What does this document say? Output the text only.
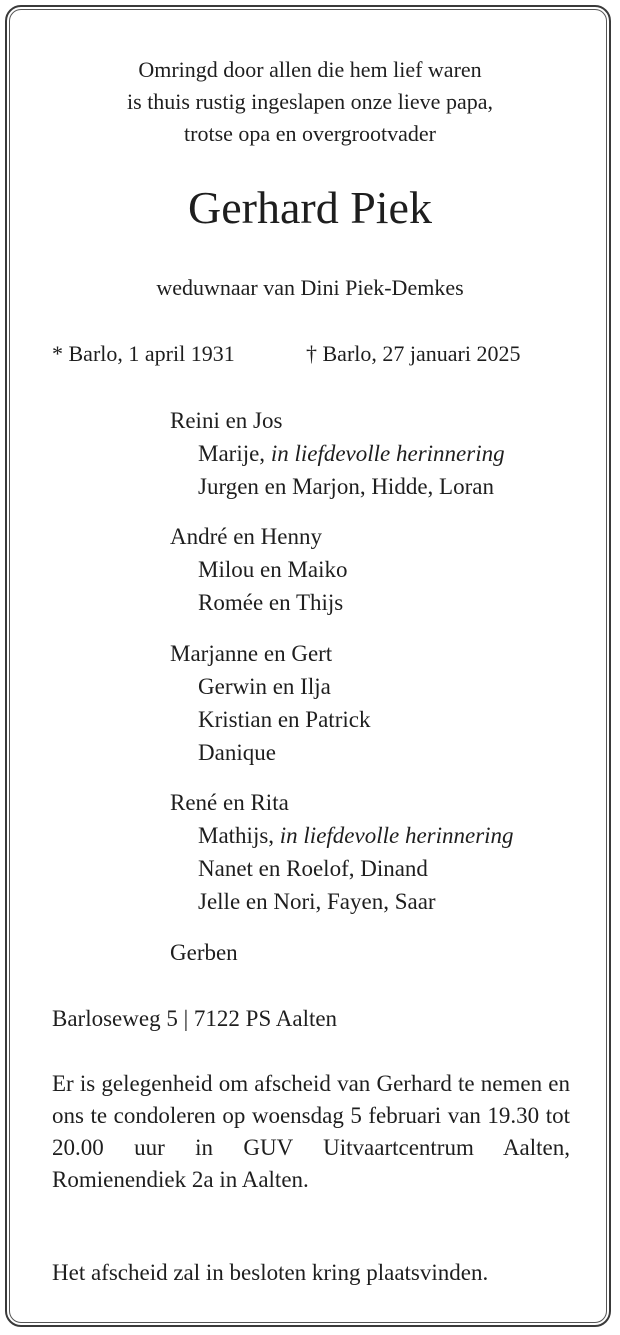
Omringd door allen die hem lief waren
is thuis rustig ingeslapen onze lieve papa,
trotse opa en overgrootvader
Gerhard Piek
weduwnaar van Dini Piek-Demkes
* Barlo, 1 april 1931	† Barlo, 27 januari 2025
Reini en Jos
Marije, in liefdevolle herinnering
Jurgen en Marjon, Hidde, Loran
André en Henny
Milou en Maiko
Romée en Thijs
Marjanne en Gert
Gerwin en Ilja
Kristian en Patrick
Danique
René en Rita
Mathijs, in liefdevolle herinnering
Nanet en Roelof, Dinand
Jelle en Nori, Fayen, Saar
Gerben
Barloseweg 5 | 7122 PS Aalten
Er is gelegenheid om afscheid van Gerhard te nemen en ons te condoleren op woensdag 5 februari van 19.30 tot 20.00 uur in GUV Uitvaartcentrum Aalten, Romienendiek 2a in Aalten.
Het afscheid zal in besloten kring plaatsvinden.
